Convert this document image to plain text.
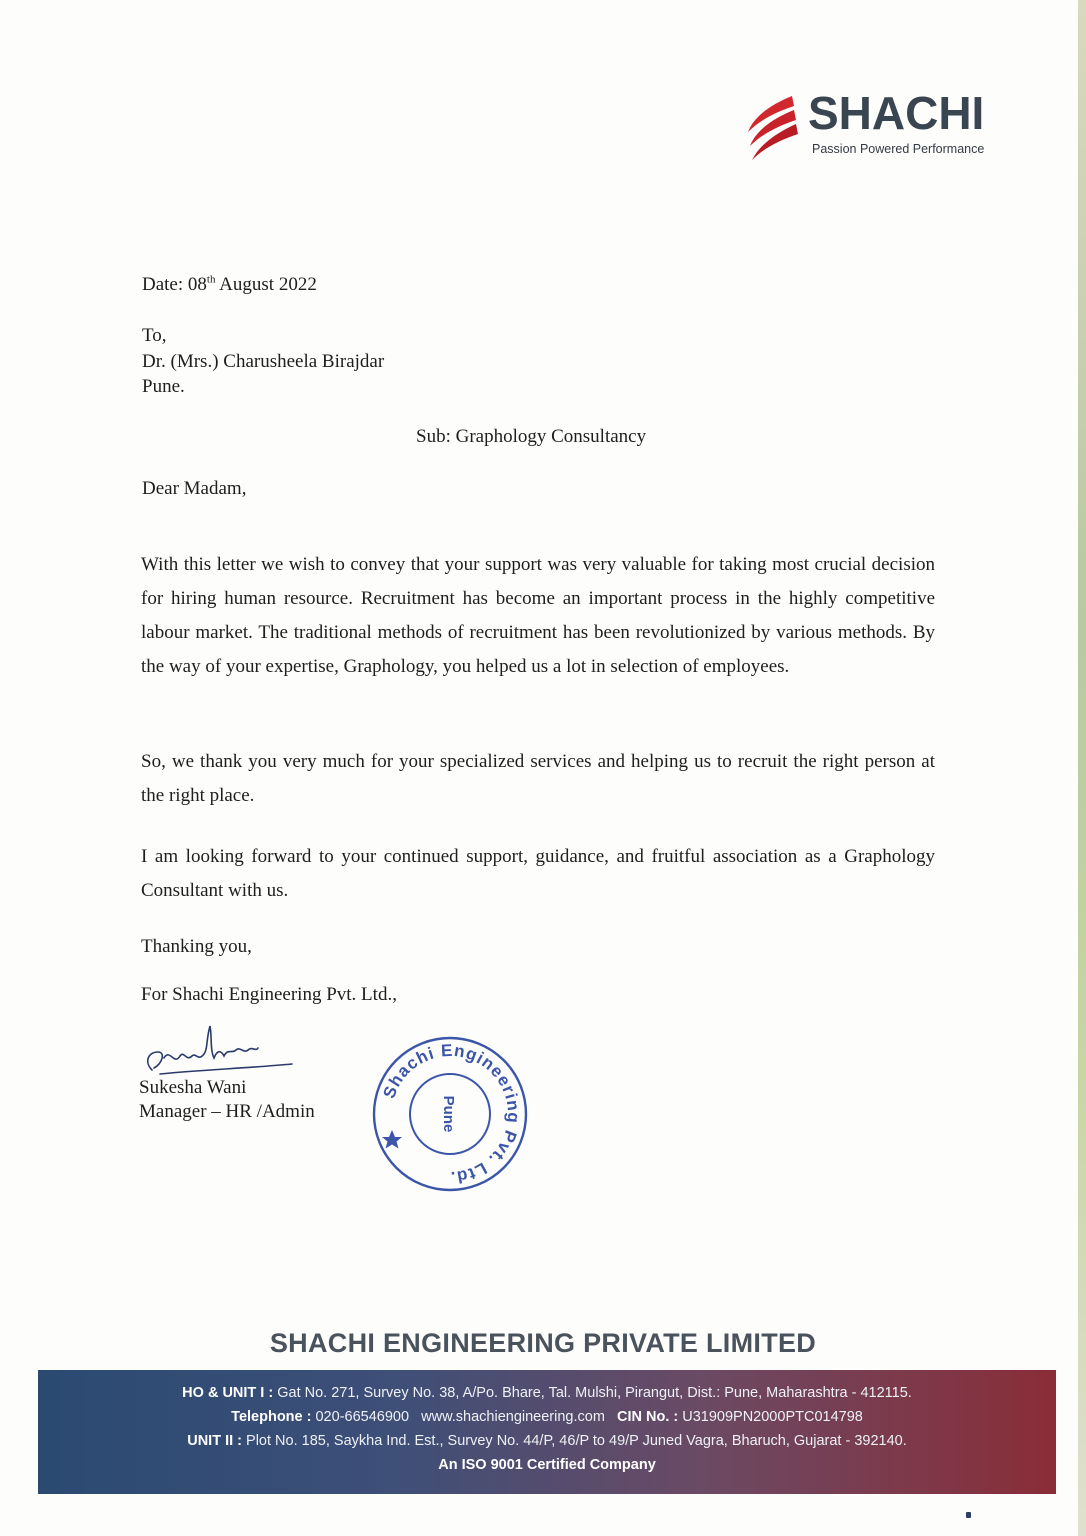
SHACHI
Passion Powered Performance
Date: 08th August 2022
To,
Dr. (Mrs.) Charusheela Birajdar
Pune.
Sub: Graphology Consultancy
Dear Madam,
With this letter we wish to convey that your support was very valuable for taking most crucial decision for hiring human resource. Recruitment has become an important process in the highly competitive labour market. The traditional methods of recruitment has been revolutionized by various methods. By the way of your expertise, Graphology, you helped us a lot in selection of employees.
So, we thank you very much for your specialized services and helping us to recruit the right person at the right place.
I am looking forward to your continued support, guidance, and fruitful association as a Graphology Consultant with us.
Thanking you,
For Shachi Engineering Pvt. Ltd.,
Sukesha Wani
Manager – HR /Admin
Shachi Engineering Pvt. Ltd.
Pune
SHACHI ENGINEERING PRIVATE LIMITED
HO & UNIT I : Gat No. 271, Survey No. 38, A/Po. Bhare, Tal. Mulshi, Pirangut, Dist.: Pune, Maharashtra - 412115.
Telephone : 020-66546900 www.shachiengineering.com CIN No. : U31909PN2000PTC014798
UNIT II : Plot No. 185, Saykha Ind. Est., Survey No. 44/P, 46/P to 49/P Juned Vagra, Bharuch, Gujarat - 392140.
An ISO 9001 Certified Company
